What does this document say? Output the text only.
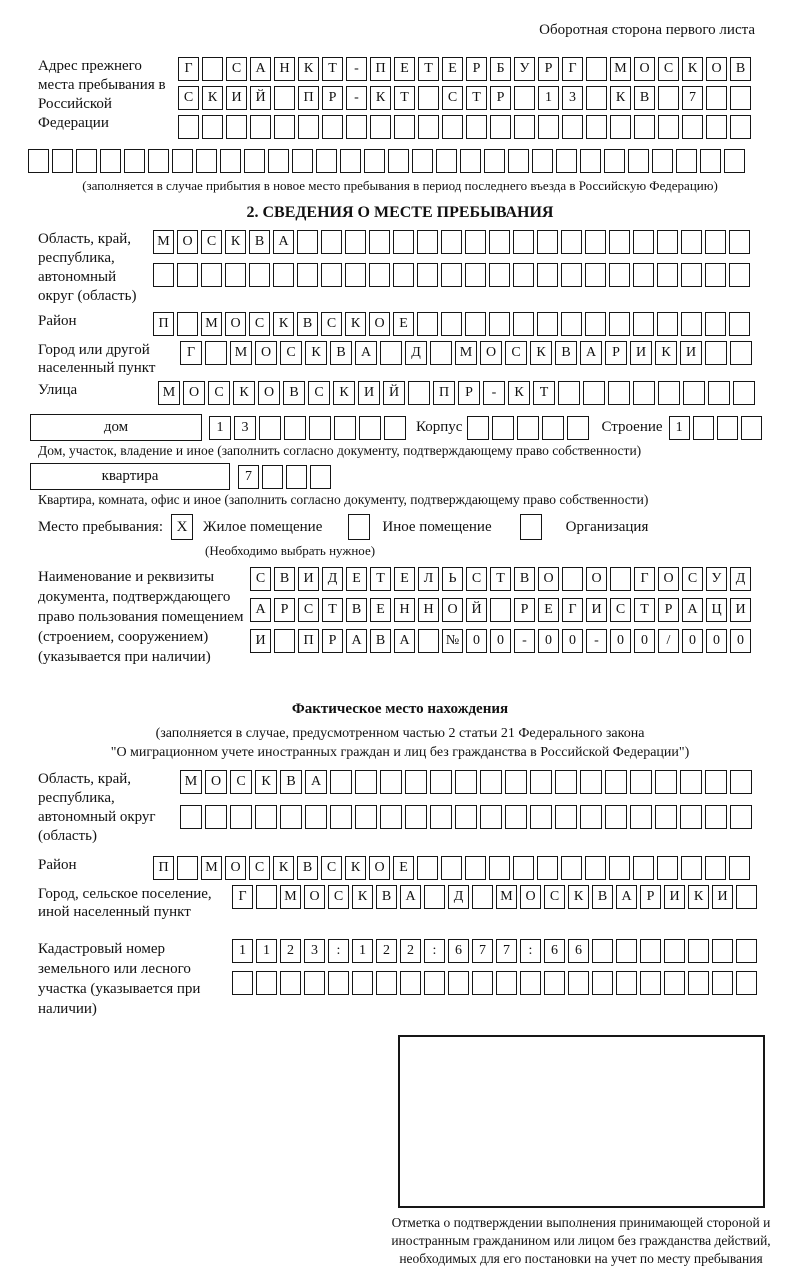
Оборотная сторона первого листа
Адрес прежнего места пребывания в Российской Федерации
Г	С	А Н	К	Т	-	П	Е	Т	Е	Р	Б	У	Р	Г	М О	С	К	О	В
С	К	И Й	П	Р	-	К	Т	С	Т	Р	1	3	К	В	7
(заполняется в случае прибытия в новое место пребывания в период последнего въезда в Российскую Федерацию)
2. СВЕДЕНИЯ О МЕСТЕ ПРЕБЫВАНИЯ
Область, край, республика, автономный округ (область)
М О	С	К	В	А
Район	П	М О	С	К	В	С	К	О	Е
Город или другой населенный пункт
Г	М О	С	К	В	А	Д	М О	С	К	В	А	Р	И	К	И
Улица	М О	С	К	О	В	С	К	И	Й	П	Р	-	К	Т
дом	1	3	Корпус	Строение 1
Дом, участок, владение и иное (заполнить согласно документу, подтверждающему право собственности)
квартира	7
Квартира, комната, офис и иное (заполнить согласно документу, подтверждающему право собственности)
Место пребывания: X Жилое помещение	Иное помещение	Организация
(Необходимо выбрать нужное)
Наименование и реквизиты документа, подтверждающего право пользования помещением (строением, сооружением) (указывается при наличии)
С	В	И	Д	Е	Т	Е	Л	Ь	С	Т	В	О	О	Г	О	С	У	Д
А	Р	С	Т	В	Е	Н Н О Й	Р	Е	Г	И	С	Т	Р	А Ц И
И	П	Р	А	В	А	№ 0	0	-	0	0	-	0	0	/	0	0	0
Фактическое место нахождения
(заполняется в случае, предусмотренном частью 2 статьи 21 Федерального закона
"О миграционном учете иностранных граждан и лиц без гражданства в Российской Федерации")
Область, край, республика, автономный округ (область)
М О	С	К	В	А
Район	П	М О	С	К	В	С	К	О	Е
Город, сельское поселение, иной населенный пункт
Г	М О	С	К	В	А	Д	М О	С	К	В	А	Р	И	К	И
Кадастровый номер земельного или лесного участка (указывается при наличии)
1	1	2	3	:	1	2	2	:	6	7	7	:	6	6
Отметка о подтверждении выполнения принимающей стороной и иностранным гражданином или лицом без гражданства действий, необходимых для его постановки на учет по месту пребывания
